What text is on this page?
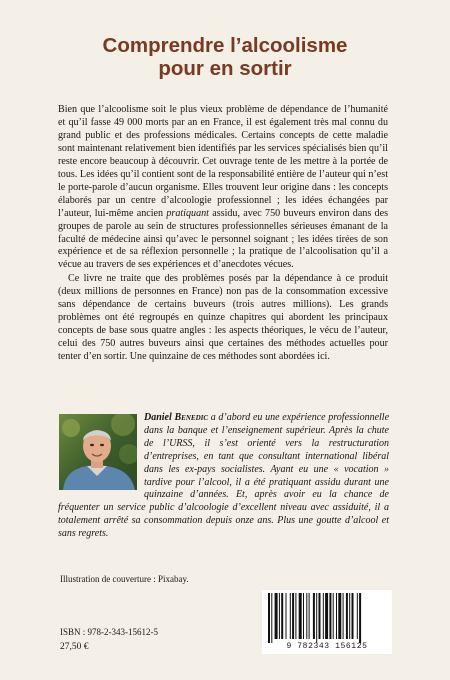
Comprendre l’alcoolisme
pour en sortir

Bien que l’alcoolisme soit le plus vieux problème de dépendance de l’humanité et qu’il fasse 49 000 morts par an en France, il est également très mal connu du grand public et des professions médicales. Certains concepts de cette maladie sont maintenant relativement bien identifiés par les services spécialisés bien qu’il reste encore beaucoup à découvrir. Cet ouvrage tente de les mettre à la portée de tous. Les idées qu’il contient sont de la responsabilité entière de l’auteur qui n’est le porte-parole d’aucun organisme. Elles trouvent leur origine dans : les concepts élaborés par un centre d’alcoologie professionnel ; les idées échangées par l’auteur, lui-même ancien pratiquant assidu, avec 750 buveurs environ dans des groupes de parole au sein de structures professionnelles sérieuses émanant de la faculté de médecine ainsi qu’avec le personnel soignant ; les idées tirées de son expérience et de sa réflexion personnelle ; la pratique de l’alcoolisation qu’il a vécue au travers de ses expériences et d’anecdotes vécues.

Ce livre ne traite que des problèmes posés par la dépendance à ce produit (deux millions de personnes en France) non pas de la consommation excessive sans dépendance de certains buveurs (trois autres millions). Les grands problèmes ont été regroupés en quinze chapitres qui abordent les principaux concepts de base sous quatre angles : les aspects théoriques, le vécu de l’auteur, celui des 750 autres buveurs ainsi que certaines des méthodes actuelles pour tenter d’en sortir. Une quinzaine de ces méthodes sont abordées ici.

Daniel Benedic a d’abord eu une expérience professionnelle dans la banque et l’enseignement supérieur. Après la chute de l’URSS, il s’est orienté vers la restructuration d’entreprises, en tant que consultant international libéral dans les ex-pays socialistes. Ayant eu une « vocation » tardive pour l’alcool, il a été pratiquant assidu durant une quinzaine d’années. Et, après avoir eu la chance de fréquenter un service public d’alcoologie d’excellent niveau avec assiduité, il a totalement arrêté sa consommation depuis onze ans. Plus une goutte d’alcool et sans regrets.
Illustration de couverture : Pixabay.
ISBN : 978-2-343-15612-5
27,50 €	9 782343 156125
